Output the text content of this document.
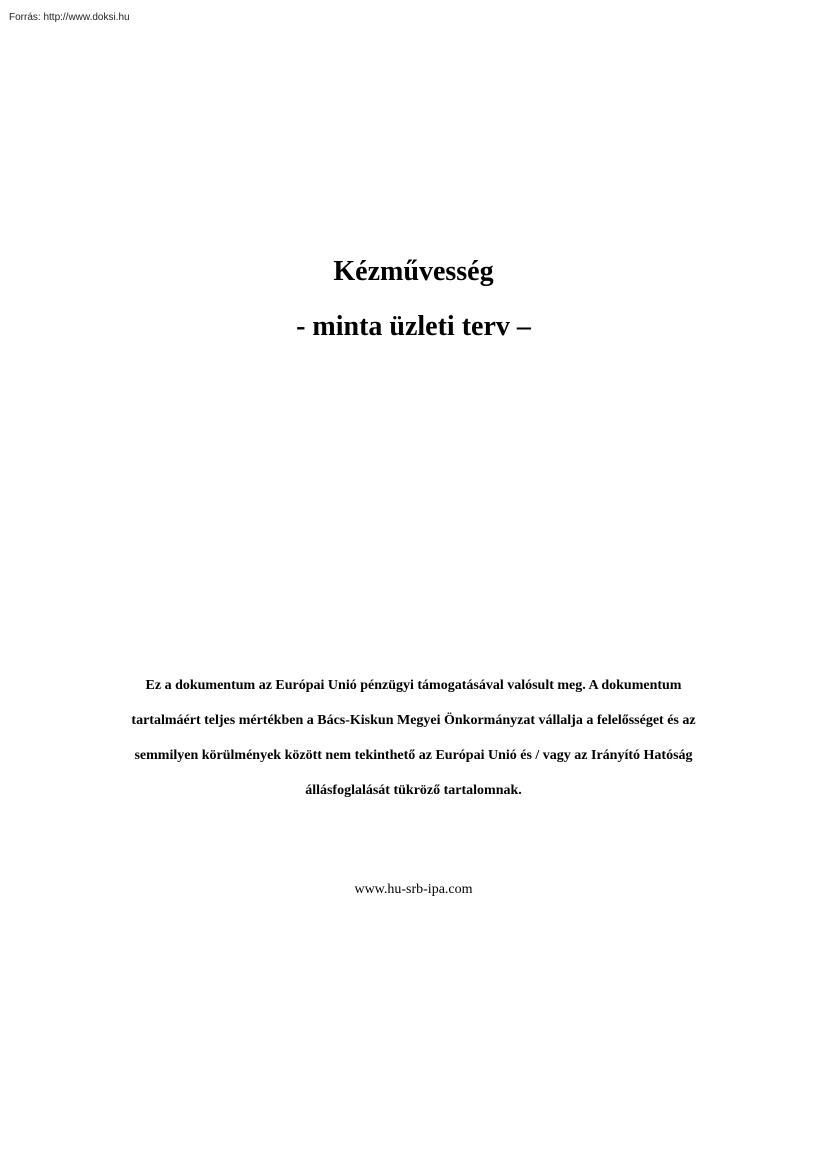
Forrás: http://www.doksi.hu
Kézművesség
- minta üzleti terv –
Ez a dokumentum az Európai Unió pénzügyi támogatásával valósult meg. A dokumentum
tartalmáért teljes mértékben a Bács-Kiskun Megyei Önkormányzat vállalja a felelősséget és az
semmilyen körülmények között nem tekinthető az Európai Unió és / vagy az Irányító Hatóság
állásfoglalását tükröző tartalomnak.
www.hu-srb-ipa.com
